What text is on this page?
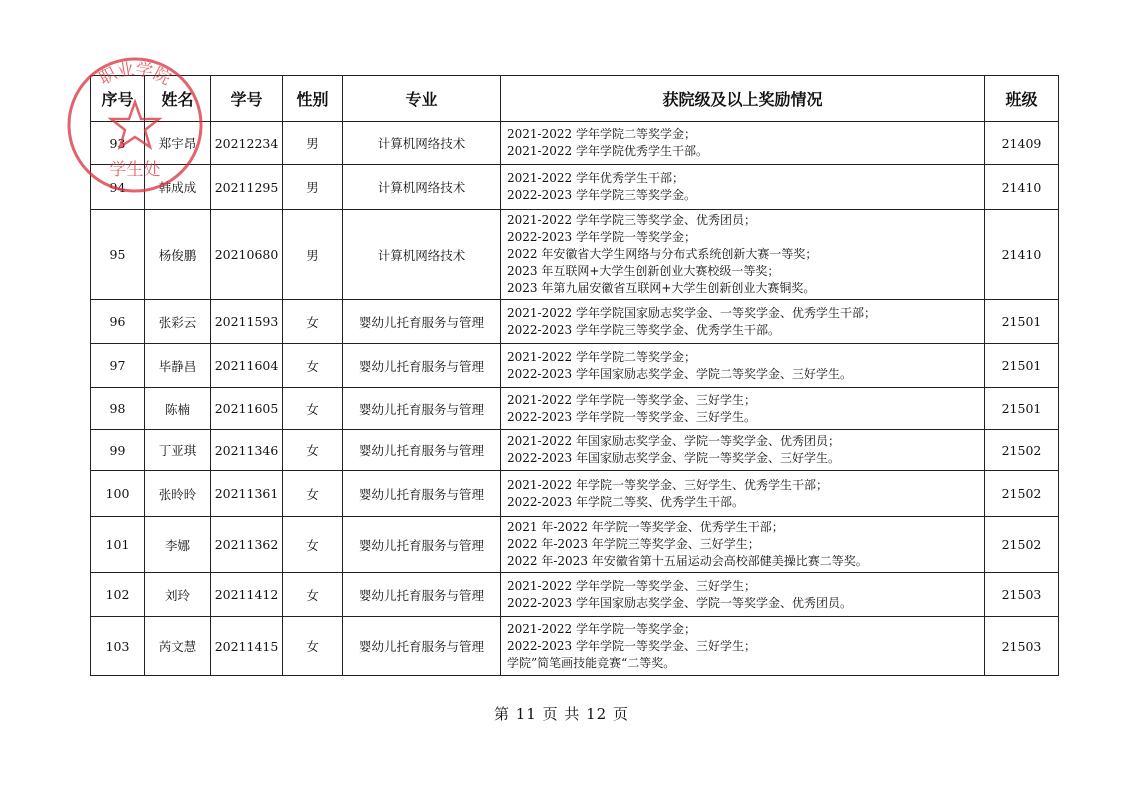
序号	姓名	学号	性别	专业	获院级及以上奖励情况	班级
93	郑宇昂	20212234	男	计算机网络技术	2021-2022 学年学院二等奖学金；
2021-2022 学年学院优秀学生干部。	21409
94	韩成成	20211295	男	计算机网络技术	2021-2022 学年优秀学生干部；
2022-2023 学年学院三等奖学金。	21410
95	杨俊鹏	20210680	男	计算机网络技术	2021-2022 学年学院三等奖学金、优秀团员；
2022-2023 学年学院一等奖学金；
2022 年安徽省大学生网络与分布式系统创新大赛一等奖；
2023 年互联网+大学生创新创业大赛校级一等奖；
2023 年第九届安徽省互联网+大学生创新创业大赛铜奖。	21410
96	张彩云	20211593	女	婴幼儿托育服务与管理	2021-2022 学年学院国家励志奖学金、一等奖学金、优秀学生干部；
2022-2023 学年学院三等奖学金、优秀学生干部。	21501
97	毕静昌	20211604	女	婴幼儿托育服务与管理	2021-2022 学年学院二等奖学金；
2022-2023 学年国家励志奖学金、学院二等奖学金、三好学生。	21501
98	陈楠	20211605	女	婴幼儿托育服务与管理	2021-2022 学年学院一等奖学金、三好学生；
2022-2023 学年学院一等奖学金、三好学生。	21501
99	丁亚琪	20211346	女	婴幼儿托育服务与管理	2021-2022 年国家励志奖学金、学院一等奖学金、优秀团员；
2022-2023 年国家励志奖学金、学院一等奖学金、三好学生。	21502
100	张昤昤	20211361	女	婴幼儿托育服务与管理	2021-2022 年学院一等奖学金、三好学生、优秀学生干部；
2022-2023 年学院二等奖、优秀学生干部。	21502
101	李娜	20211362	女	婴幼儿托育服务与管理	2021 年-2022 年学院一等奖学金、优秀学生干部；
2022 年-2023 年学院三等奖学金、三好学生；
2022 年-2023 年安徽省第十五届运动会高校部健美操比赛二等奖。	21502
102	刘玲	20211412	女	婴幼儿托育服务与管理	2021-2022 学年学院一等奖学金、三好学生；
2022-2023 学年国家励志奖学金、学院一等奖学金、优秀团员。	21503
103	芮文慧	20211415	女	婴幼儿托育服务与管理	2021-2022 学年学院一等奖学金；
2022-2023 学年学院一等奖学金、三好学生；
学院”简笔画技能竞赛“二等奖。	21503
职业学院
学生处
第 11 页 共 12 页
